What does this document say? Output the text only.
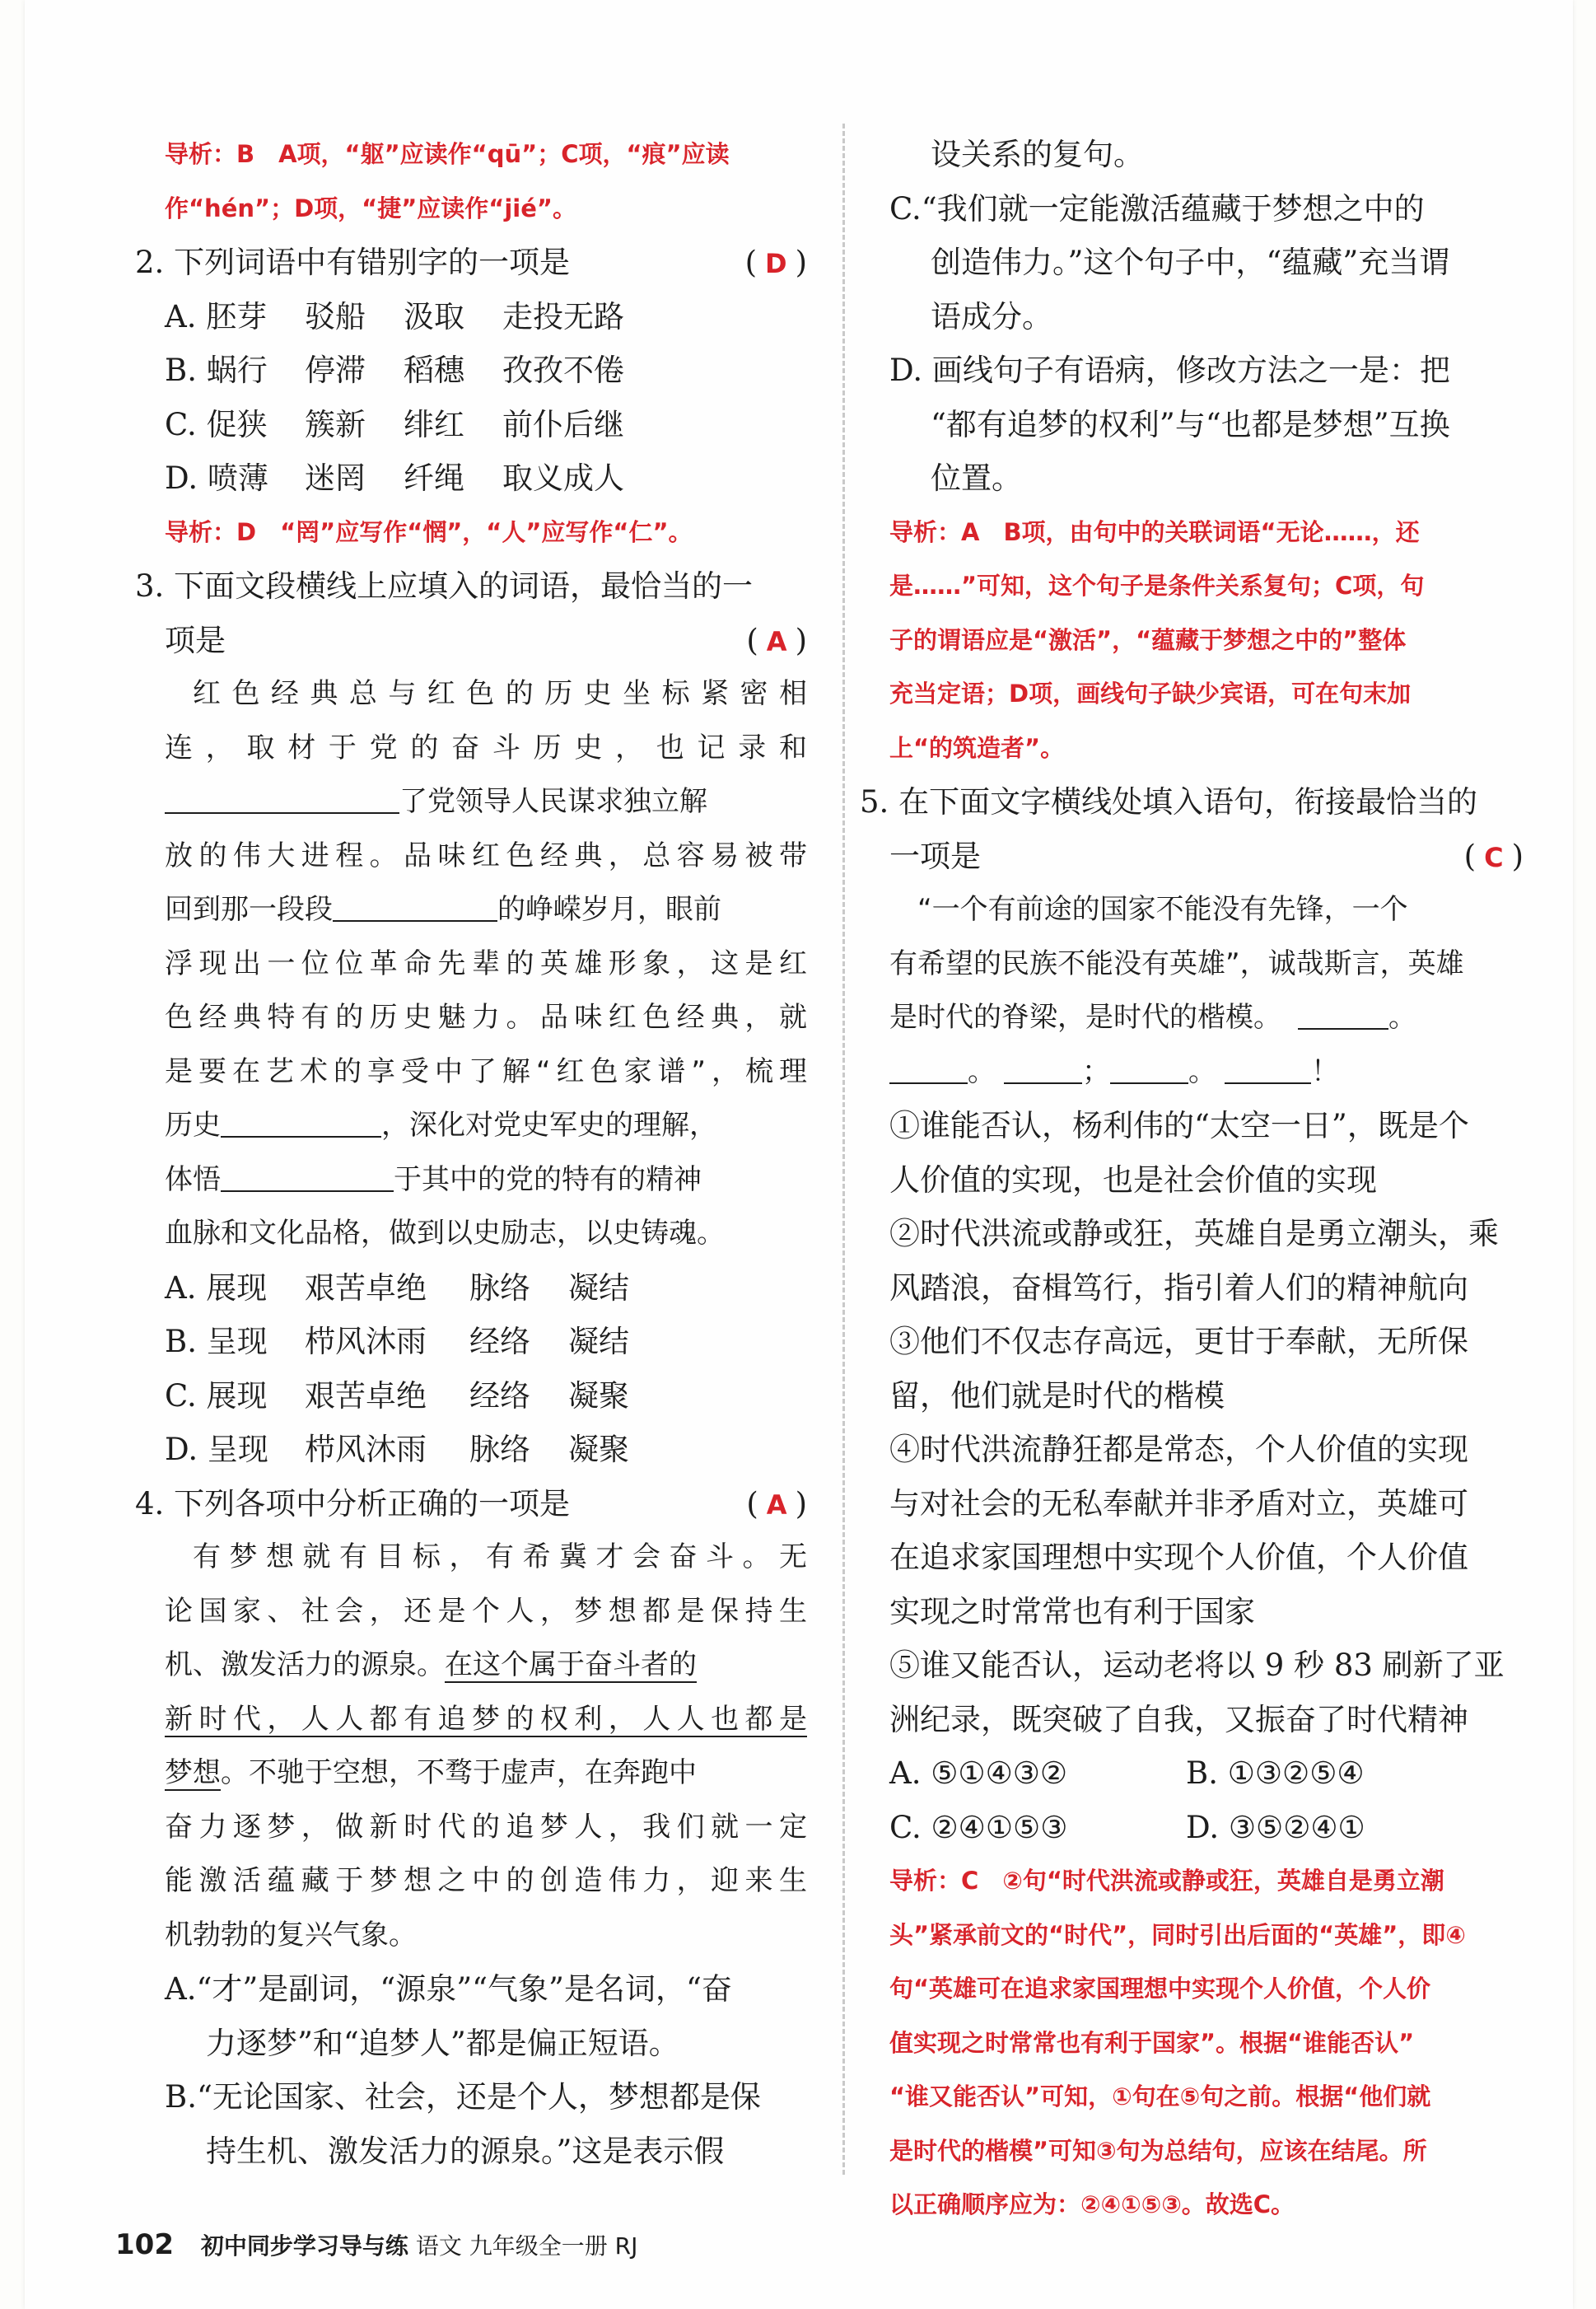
导析：B　A项，“躯”应读作“qū”；C项，“痕”应读
作“hén”；D项，“捷”应读作“jié”。
2. 下列词语中有错别字的一项是	( D )
A. 胚芽	驳船	汲取	走投无路
B. 蜗行	停滞	稻穗	孜孜不倦
C. 促狭	簇新	绯红	前仆后继
D. 喷薄	迷罔	纤绳	取义成人
导析：D　“罔”应写作“惘”，“人”应写作“仁”。
3. 下面文段横线上应填入的词语，最恰当的一
项是	( A )
红色经典总与红色的历史坐标紧密相
连，取材于党的奋斗历史，也记录和
了党领导人民谋求独立解
放的伟大进程。品味红色经典，总容易被带
回到那一段段	的峥嵘岁月，眼前
浮现出一位位革命先辈的英雄形象，这是红
色经典特有的历史魅力。品味红色经典，就
是要在艺术的享受中了解“红色家谱”，梳理
历史	，深化对党史军史的理解，
体悟	于其中的党的特有的精神
血脉和文化品格，做到以史励志，以史铸魂。
A. 展现	艰苦卓绝	脉络	凝结
B. 呈现	栉风沐雨	经络	凝结
C. 展现	艰苦卓绝	经络	凝聚
D. 呈现	栉风沐雨	脉络	凝聚
4. 下列各项中分析正确的一项是	( A )
有梦想就有目标，有希冀才会奋斗。无
论国家、社会，还是个人，梦想都是保持生
机、激发活力的源泉。在这个属于奋斗者的
新时代，人人都有追梦的权利，人人也都是
梦想。不驰于空想，不骛于虚声，在奔跑中
奋力逐梦，做新时代的追梦人，我们就一定
能激活蕴藏于梦想之中的创造伟力，迎来生
机勃勃的复兴气象。
A.“才”是副词，“源泉”“气象”是名词，“奋
力逐梦”和“追梦人”都是偏正短语。
B.“无论国家、社会，还是个人，梦想都是保
持生机、激发活力的源泉。”这是表示假
设关系的复句。
C.“我们就一定能激活蕴藏于梦想之中的
创造伟力。”这个句子中，“蕴藏”充当谓
语成分。
D. 画线句子有语病，修改方法之一是：把
“都有追梦的权利”与“也都是梦想”互换
位置。
导析：A　B项，由句中的关联词语“无论……，还
是……”可知，这个句子是条件关系复句；C项，句
子的谓语应是“激活”，“蕴藏于梦想之中的”整体
充当定语；D项，画线句子缺少宾语，可在句末加
上“的筑造者”。
5. 在下面文字横线处填入语句，衔接最恰当的
一项是	( C )
“一个有前途的国家不能没有先锋，一个
有希望的民族不能没有英雄”，诚哉斯言，英雄
是时代的脊梁，是时代的楷模。	。
。	；	。	！
①谁能否认，杨利伟的“太空一日”，既是个
人价值的实现，也是社会价值的实现
②时代洪流或静或狂，英雄自是勇立潮头，乘
风踏浪，奋楫笃行，指引着人们的精神航向
③他们不仅志存高远，更甘于奉献，无所保
留，他们就是时代的楷模
④时代洪流静狂都是常态，个人价值的实现
与对社会的无私奉献并非矛盾对立，英雄可
在追求家国理想中实现个人价值，个人价值
实现之时常常也有利于国家
⑤谁又能否认，运动老将以 9 秒 83 刷新了亚
洲纪录，既突破了自我，又振奋了时代精神
A. ⑤①④③②	B. ①③②⑤④
C. ②④①⑤③	D. ③⑤②④①
导析：C　②句“时代洪流或静或狂，英雄自是勇立潮
头”紧承前文的“时代”，同时引出后面的“英雄”，即④
句“英雄可在追求家国理想中实现个人价值，个人价
值实现之时常常也有利于国家”。根据“谁能否认”
“谁又能否认”可知，①句在⑤句之前。根据“他们就
是时代的楷模”可知③句为总结句，应该在结尾。所
以正确顺序应为：②④①⑤③。故选C。
102 初中同步学习导与练 语文 九年级全一册 RJ
